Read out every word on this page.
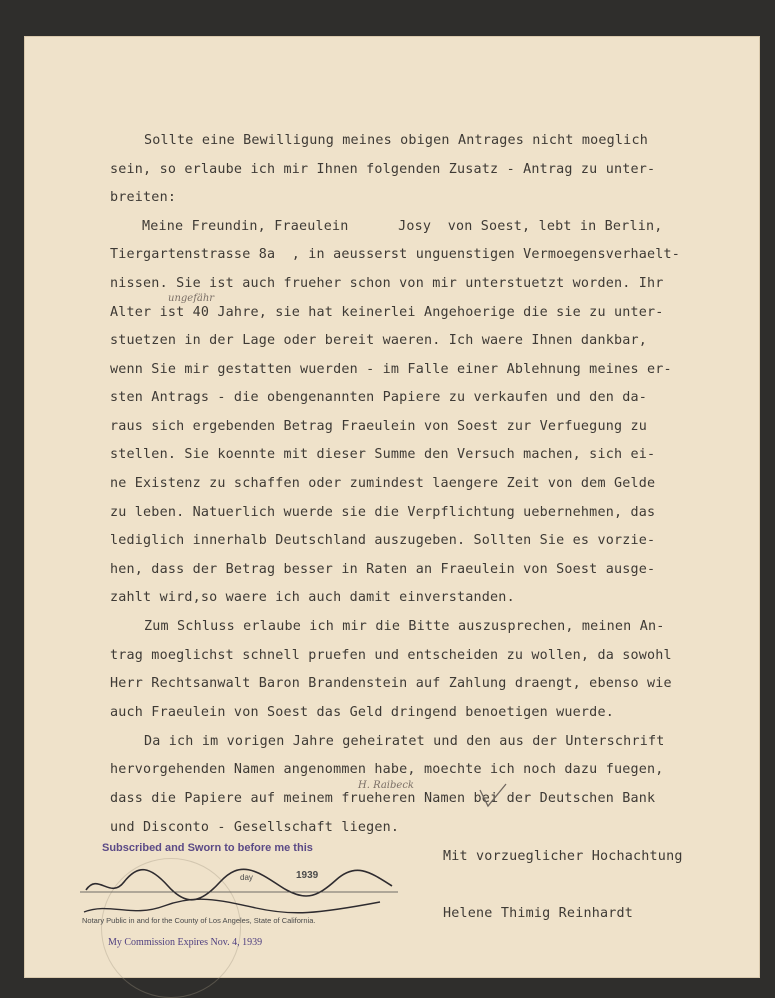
Sollte eine Bewilligung meines obigen Antrages nicht moeglich
sein, so erlaube ich mir Ihnen folgenden Zusatz - Antrag zu unter-
breiten:
Meine Freundin, Fraeulein      Josy  von Soest, lebt in Berlin,
Tiergartenstrasse 8a  , in aeusserst unguenstigen Vermoegensverhaelt-
nissen. Sie ist auch frueher schon von mir unterstuetzt worden. Ihr
Alter ist 40 Jahre, sie hat keinerlei Angehoerige die sie zu unter-
stuetzen in der Lage oder bereit waeren. Ich waere Ihnen dankbar,
wenn Sie mir gestatten wuerden - im Falle einer Ablehnung meines er-
sten Antrags - die obengenannten Papiere zu verkaufen und den da-
raus sich ergebenden Betrag Fraeulein von Soest zur Verfuegung zu
stellen. Sie koennte mit dieser Summe den Versuch machen, sich ei-
ne Existenz zu schaffen oder zumindest laengere Zeit von dem Gelde
zu leben. Natuerlich wuerde sie die Verpflichtung uebernehmen, das
lediglich innerhalb Deutschland auszugeben. Sollten Sie es vorzie-
hen, dass der Betrag besser in Raten an Fraeulein von Soest ausge-
zahlt wird,so waere ich auch damit einverstanden.
Zum Schluss erlaube ich mir die Bitte auszusprechen, meinen An-
trag moeglichst schnell pruefen und entscheiden zu wollen, da sowohl
Herr Rechtsanwalt Baron Brandenstein auf Zahlung draengt, ebenso wie
auch Fraeulein von Soest das Geld dringend benoetigen wuerde.
Da ich im vorigen Jahre geheiratet und den aus der Unterschrift
hervorgehenden Namen angenommen habe, moechte ich noch dazu fuegen,
dass die Papiere auf meinem frueheren Namen bei der Deutschen Bank
und Disconto - Gesellschaft liegen.
Mit vorzueglicher Hochachtung
Helene Thimig Reinhardt
ungefähr
H. Raibeck
Subscribed and Sworn to before me this
day	1939
Notary Public in and for the County of Los Angeles, State of California.
My Commission Expires Nov. 4, 1939
